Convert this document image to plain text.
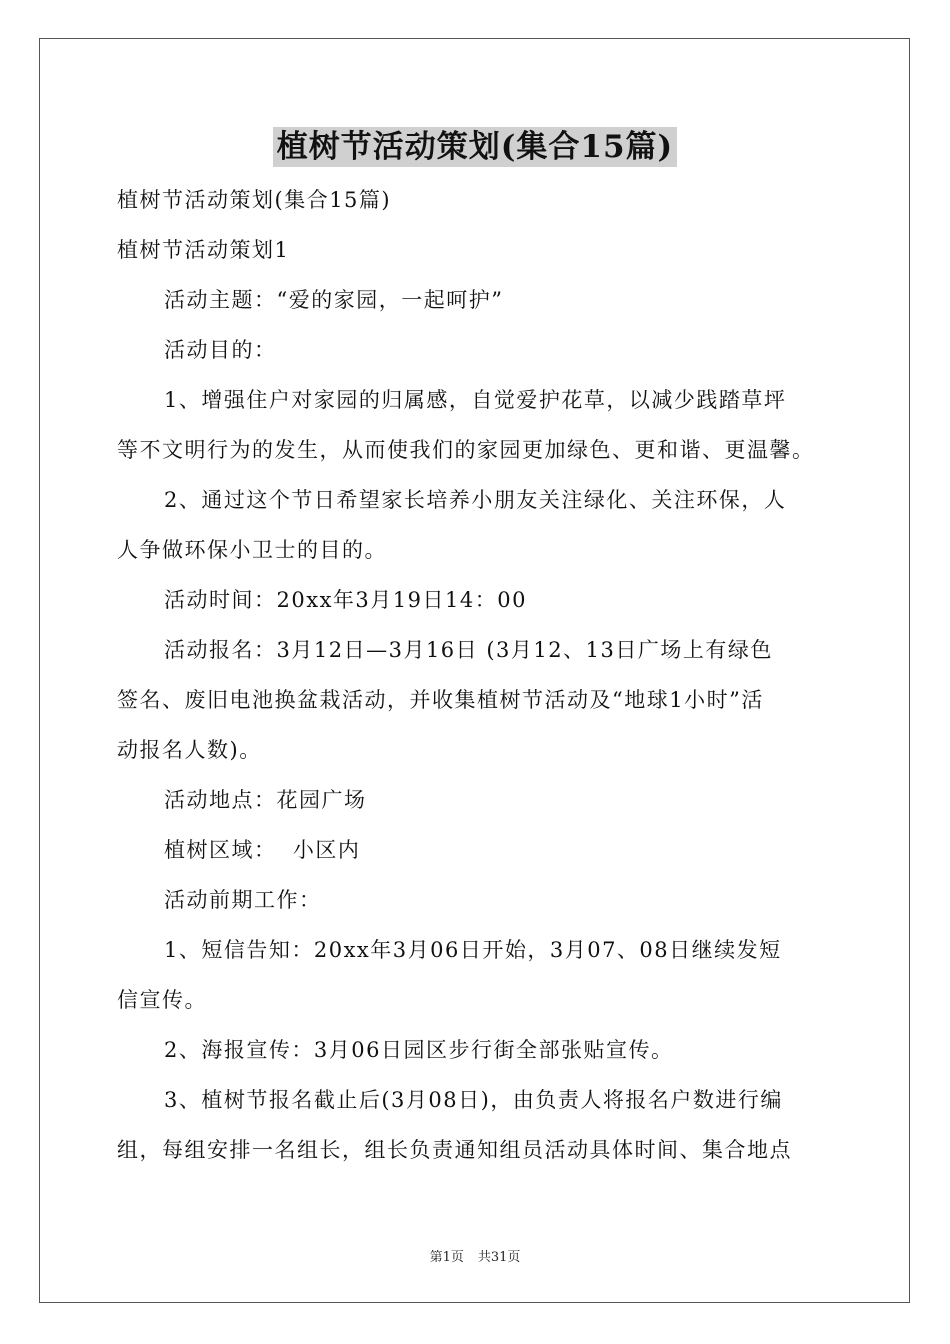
植树节活动策划(集合15篇)

植树节活动策划(集合15篇)

植树节活动策划1

活动主题：“爱的家园，一起呵护”

活动目的：

1、增强住户对家园的归属感，自觉爱护花草，以减少践踏草坪

等不文明行为的发生，从而使我们的家园更加绿色、更和谐、更温馨。

2、通过这个节日希望家长培养小朋友关注绿化、关注环保，人

人争做环保小卫士的目的。

活动时间：20xx年3月19日14：00

活动报名：3月12日—3月16日 (3月12、13日广场上有绿色

签名、废旧电池换盆栽活动，并收集植树节活动及“地球1小时”活

动报名人数)。

活动地点：花园广场

植树区域：  小区内

活动前期工作：

1、短信告知：20xx年3月06日开始，3月07、08日继续发短

信宣传。

2、海报宣传：3月06日园区步行街全部张贴宣传。

3、植树节报名截止后(3月08日)，由负责人将报名户数进行编

组，每组安排一名组长，组长负责通知组员活动具体时间、集合地点

第1页 共31页
